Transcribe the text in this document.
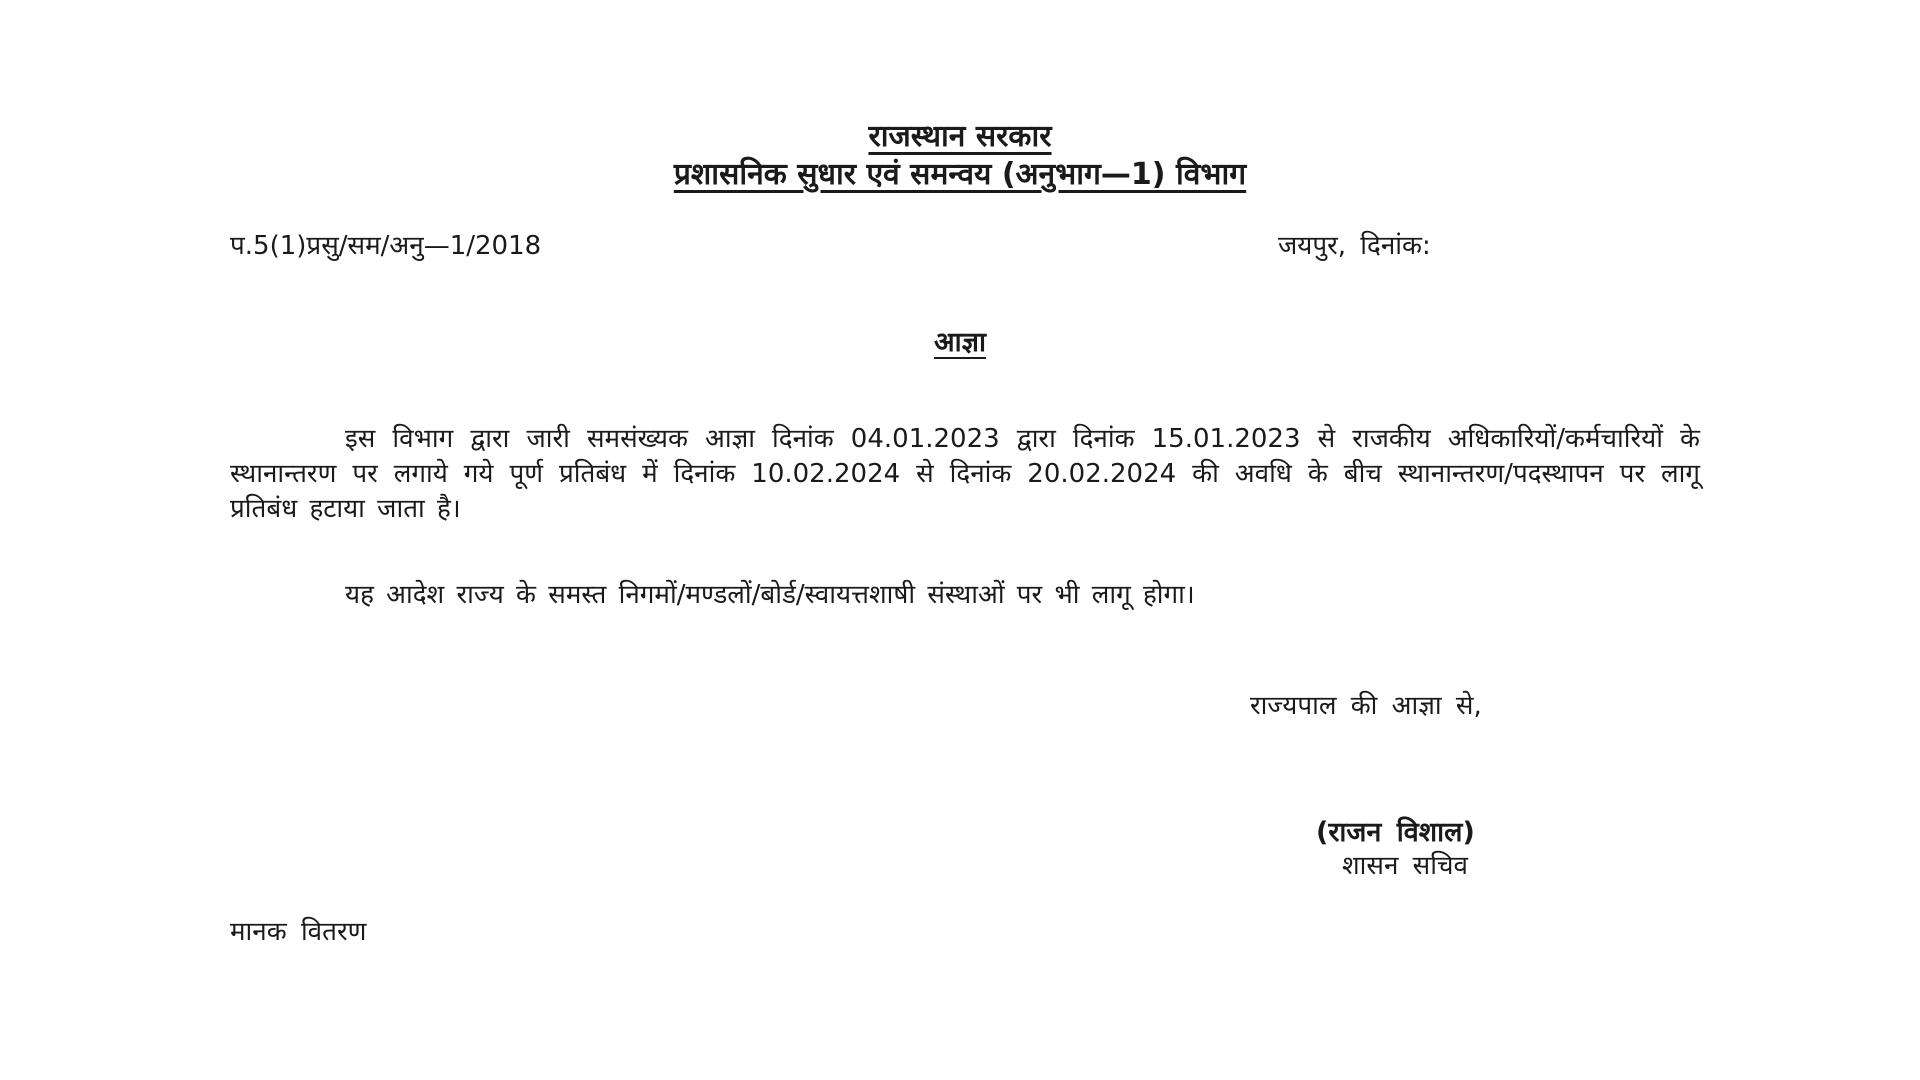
राजस्थान सरकार
प्रशासनिक सुधार एवं समन्वय (अनुभाग—1) विभाग
प.5(1)प्रसु/सम/अनु—1/2018	जयपुर, दिनांक:
आज्ञा

इस विभाग द्वारा जारी समसंख्यक आज्ञा दिनांक 04.01.2023 द्वारा दिनांक 15.01.2023 से राजकीय अधिकारियों/कर्मचारियों के स्थानान्तरण पर लगाये गये पूर्ण प्रतिबंध में दिनांक 10.02.2024 से दिनांक 20.02.2024 की अवधि के बीच स्थानान्तरण/पदस्थापन पर लागू प्रतिबंध हटाया जाता है।

यह आदेश राज्य के समस्त निगमों/मण्डलों/बोर्ड/स्वायत्तशाषी संस्थाओं पर भी लागू होगा।

राज्यपाल की आज्ञा से,
(राजन विशाल)
शासन सचिव
मानक वितरण
